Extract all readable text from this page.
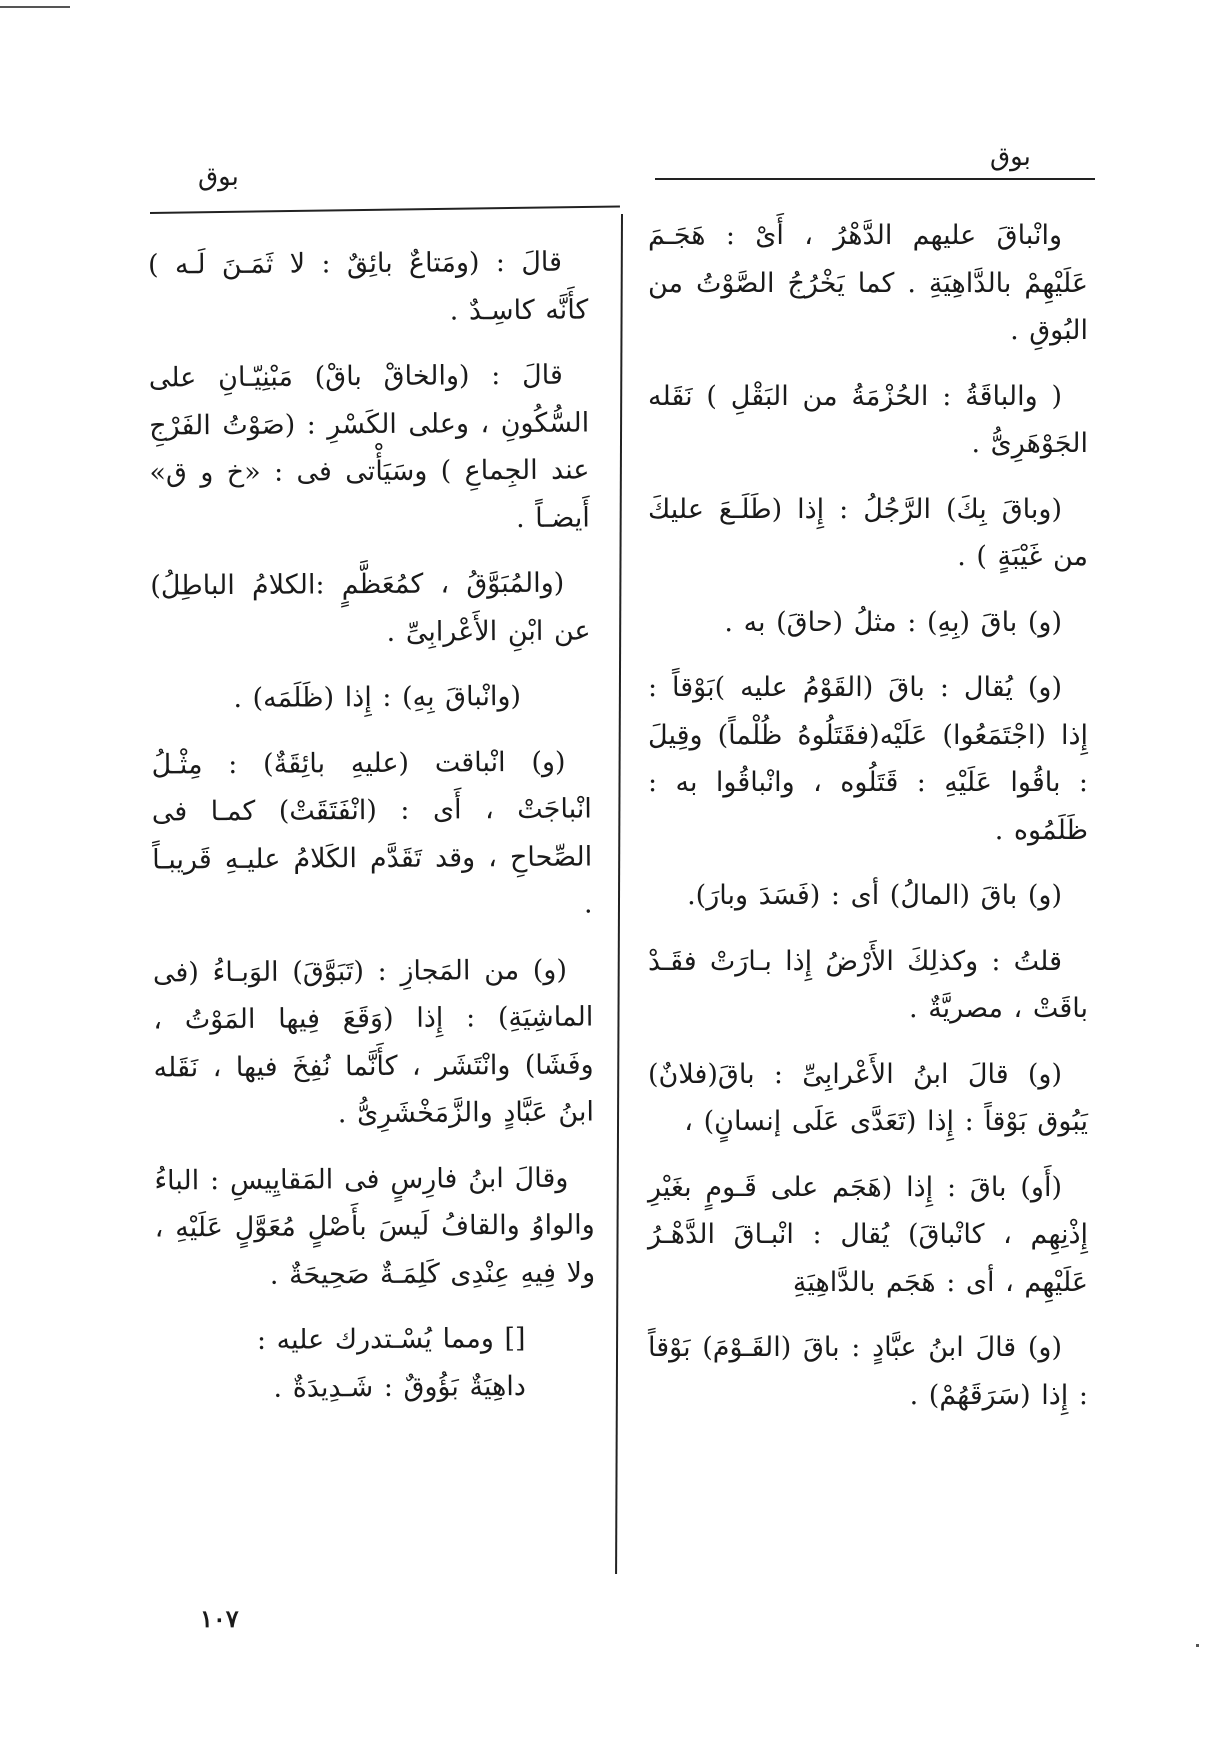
بوق
بوق

وانْباقَ عليهم الدَّهْرُ ، أَىْ : هَجَـمَ عَلَيْهِمْ بالدَّاهِيَةِ . كما يَخْرُجُ الصَّوْتُ من البُوقِ .

( والباقَةُ : الحُزْمَةُ من البَقْلِ ) نَقَله الجَوْهَرِىُّ .

(وباقَ بِكَ) الرَّجُلُ : إِذا (طَلَـعَ عليكَ من غَيْبَةٍ ) .

(و) باقَ (بِهِ) : مثلُ (حاقَ) به .

(و) يُقال : باقَ (القَوْمُ عليه )بَوْقاً : إِذا (اجْتَمَعُوا) عَلَيْه(فقَتَلُوهُ ظُلْماً) وقِيلَ : باقُوا عَلَيْهِ : قَتَلُوه ، وانْباقُوا به : ظَلَمُوه .

(و) باقَ (المالُ) أى : (فَسَدَ وبارَ).

قلتُ : وكذلِكَ الأَرْضُ إِذا بـارَتْ فقَـدْ باقَتْ ، مصريَّةٌ .

(و) قالَ ابنُ الأَعْرابِىِّ : باقَ(فلانٌ) يَبُوق بَوْقاً : إِذا (تَعَدَّى عَلَى إنسانٍ) ،

(أَو) باقَ : إِذا (هَجَم على قَـومٍ بغَيْرِ إِذْنِهِم ، كانْباقَ) يُقال : انْبـاقَ الدَّهْـرُ عَلَيْهِم ، أى : هَجَم بالدَّاهِيَةِ

(و) قالَ ابنُ عبَّادٍ : باقَ (القَـوْمَ) بَوْقاً : إِذا (سَرَقَهُمْ) .

قالَ : (ومَتاعٌ بائِقٌ : لا ثَمَـنَ لَـه ) كأَنَّه كاسِـدٌ .

قالَ : (والخاقْ باقْ) مَبْنِيّـانِ على السُّكُونِ ، وعلى الكَسْرِ : (صَوْتُ الفَرْجِ عند الجِماعِ ) وسَيَأْتى فى : «خ و ق» أَيضـاً .

(والمُبَوَّقُ ، كمُعَظَّمٍ :الكلامُ الباطِلُ) عن ابْنِ الأَعْرابِىِّ .

(وانْباقَ بِهِ) : إِذا (ظَلَمَه) .

(و) انْباقت (عليهِ بائِقَةٌ) : مِثْـلُ انْباجَتْ ، أَى : (انْفَتَقَتْ) كمـا فى الصِّحاحِ ، وقد تَقَدَّم الكَلامُ عليـهِ قَريبـاً .

(و) من المَجازِ : (تَبَوَّقَ) الوَبـاءُ (فى الماشِيَةِ) : إِذا (وَقَعَ فِيها المَوْتُ ، وفَشَا) وانْتَشَر ، كأَنَّما نُفِخَ فيها ، نَقَله ابنُ عَبَّادٍ والزَّمَخْشَرِىُّ .

وقالَ ابنُ فارِسٍ فى المَقايِيسِ : الباءُ والواوُ والقافُ لَيسَ بأَصْلٍ مُعَوَّلٍ عَلَيْهِ ، ولا فِيهِ عِنْدِى كَلِمَـةٌ صَحِيحَةٌ .

[] ومما يُسْـتدرك عليه :

داهِيَةٌ بَؤُوقٌ : شَـدِيدَةٌ .

١٠٧
